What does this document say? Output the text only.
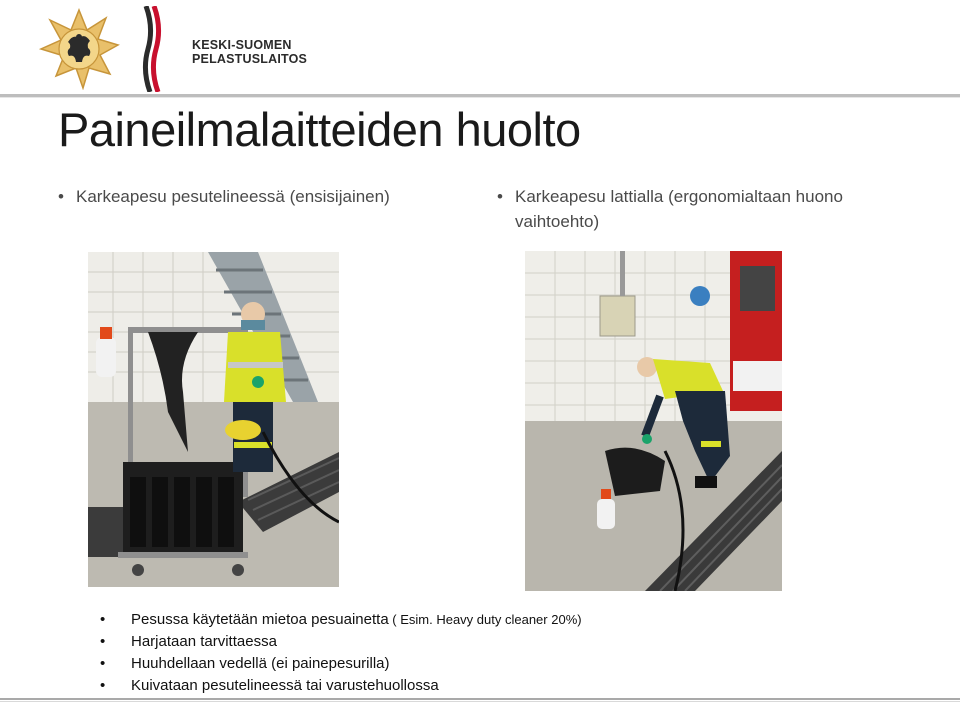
KESKI-SUOMEN
PELASTUSLAITOS
Paineilmalaitteiden huolto
• Karkeapesu pesutelineessä (ensisijainen)	• Karkeapesu lattialla (ergonomialtaan huono vaihtoehto)
• Pesussa käytetään mietoa pesuainetta ( Esim. Heavy duty cleaner 20%)
• Harjataan tarvittaessa
• Huuhdellaan vedellä (ei painepesurilla)
• Kuivataan pesutelineessä tai varustehuollossa
